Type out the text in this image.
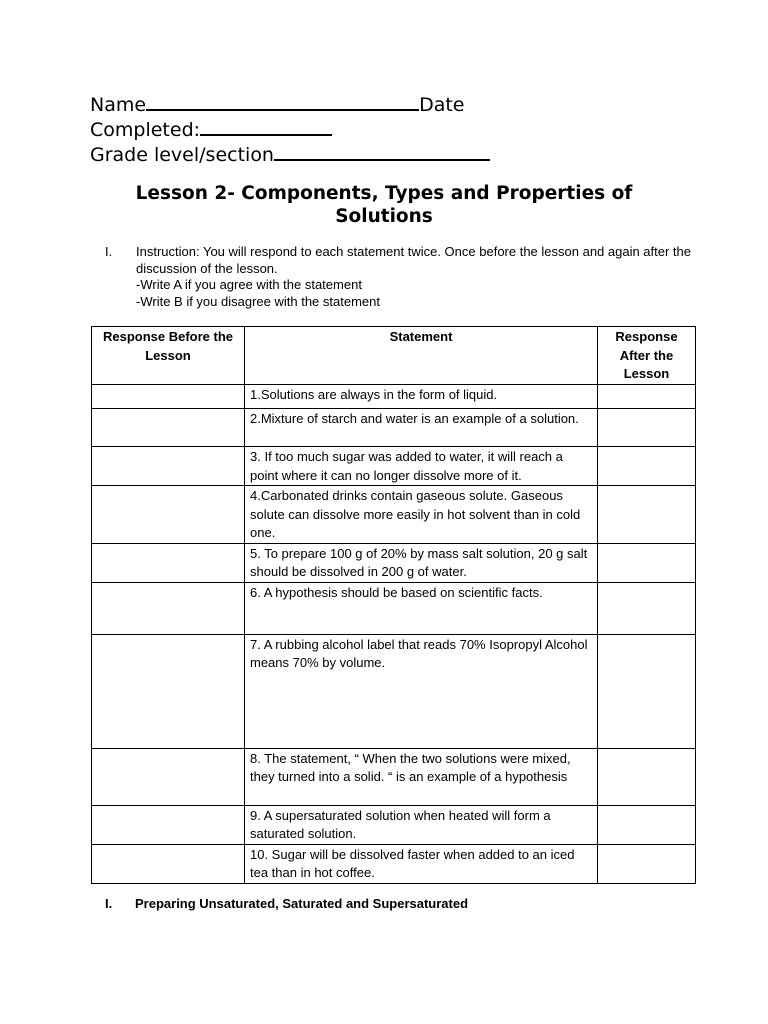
Name	Date
Completed:
Grade level/section
Lesson 2- Components, Types and Properties of Solutions
I. Instruction: You will respond to each statement twice. Once before the lesson and again after the discussion of the lesson.
-Write A if you agree with the statement
-Write B if you disagree with the statement
Response Before the Lesson	Statement	Response After the Lesson
	1.Solutions are always in the form of liquid.	
	2.Mixture of starch and water is an example of a solution.	
	3. If too much sugar was added to water, it will reach a point where it can no longer dissolve more of it.	
	4.Carbonated drinks contain gaseous solute. Gaseous solute can dissolve more easily in hot solvent than in cold one.	
	5. To prepare 100 g of 20% by mass salt solution, 20 g salt should be dissolved in 200 g of water.	
	6. A hypothesis should be based on scientific facts.	
	7. A rubbing alcohol label that reads 70% Isopropyl Alcohol means 70% by volume.	
	8. The statement, “ When the two solutions were mixed, they turned into a solid. “ is an example of a hypothesis	
	9. A supersaturated solution when heated will form a saturated solution.	
	10. Sugar will be dissolved faster when added to an iced tea than in hot coffee.	
I. Preparing Unsaturated, Saturated and Supersaturated
